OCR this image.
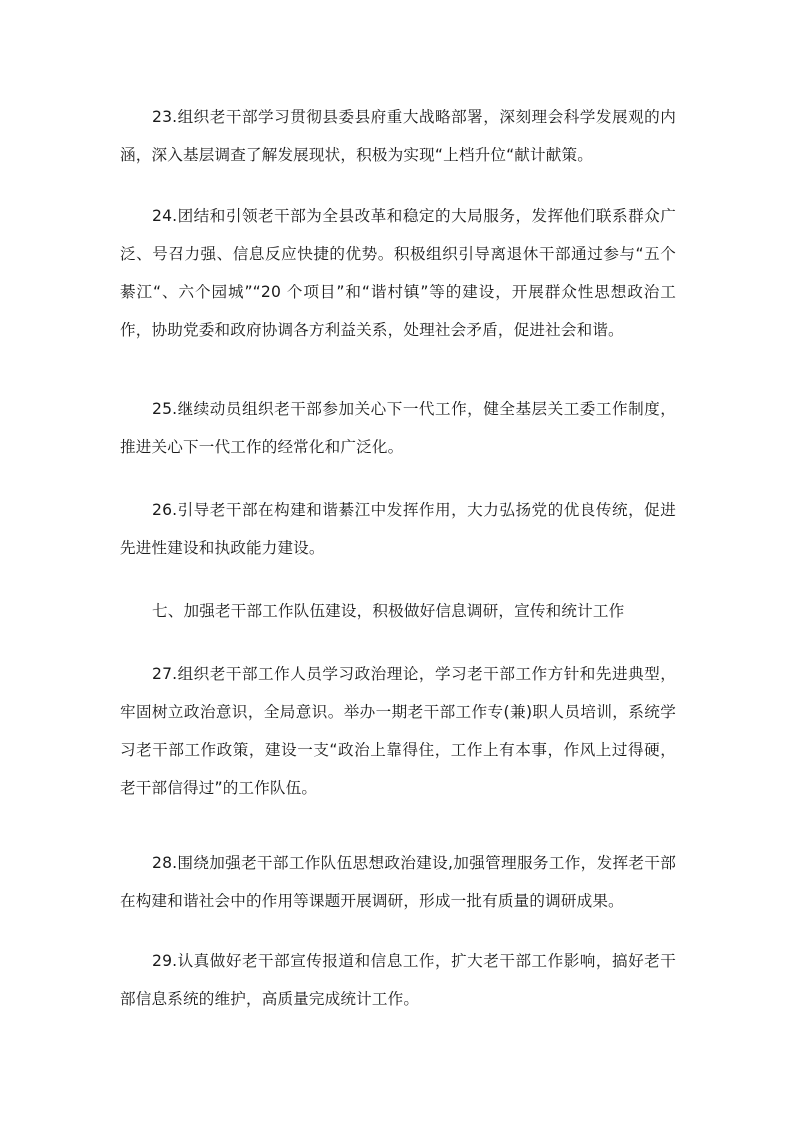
23.组织老干部学习贯彻县委县府重大战略部署，深刻理会科学发展观的内涵，深入基层调查了解发展现状，积极为实现“上档升位“献计献策。

24.团结和引领老干部为全县改革和稳定的大局服务，发挥他们联系群众广泛、号召力强、信息反应快捷的优势。积极组织引导离退休干部通过参与“五个綦江“、六个园城”“20 个项目”和“谐村镇”等的建设，开展群众性思想政治工作，协助党委和政府协调各方利益关系，处理社会矛盾，促进社会和谐。

25.继续动员组织老干部参加关心下一代工作，健全基层关工委工作制度，推进关心下一代工作的经常化和广泛化。

26.引导老干部在构建和谐綦江中发挥作用，大力弘扬党的优良传统，促进先进性建设和执政能力建设。

七、加强老干部工作队伍建设，积极做好信息调研，宣传和统计工作

27.组织老干部工作人员学习政治理论，学习老干部工作方针和先进典型，牢固树立政治意识，全局意识。举办一期老干部工作专(兼)职人员培训，系统学习老干部工作政策，建设一支“政治上靠得住，工作上有本事，作风上过得硬，老干部信得过”的工作队伍。

28.围绕加强老干部工作队伍思想政治建设,加强管理服务工作，发挥老干部在构建和谐社会中的作用等课题开展调研，形成一批有质量的调研成果。

29.认真做好老干部宣传报道和信息工作，扩大老干部工作影响，搞好老干部信息系统的维护，高质量完成统计工作。
